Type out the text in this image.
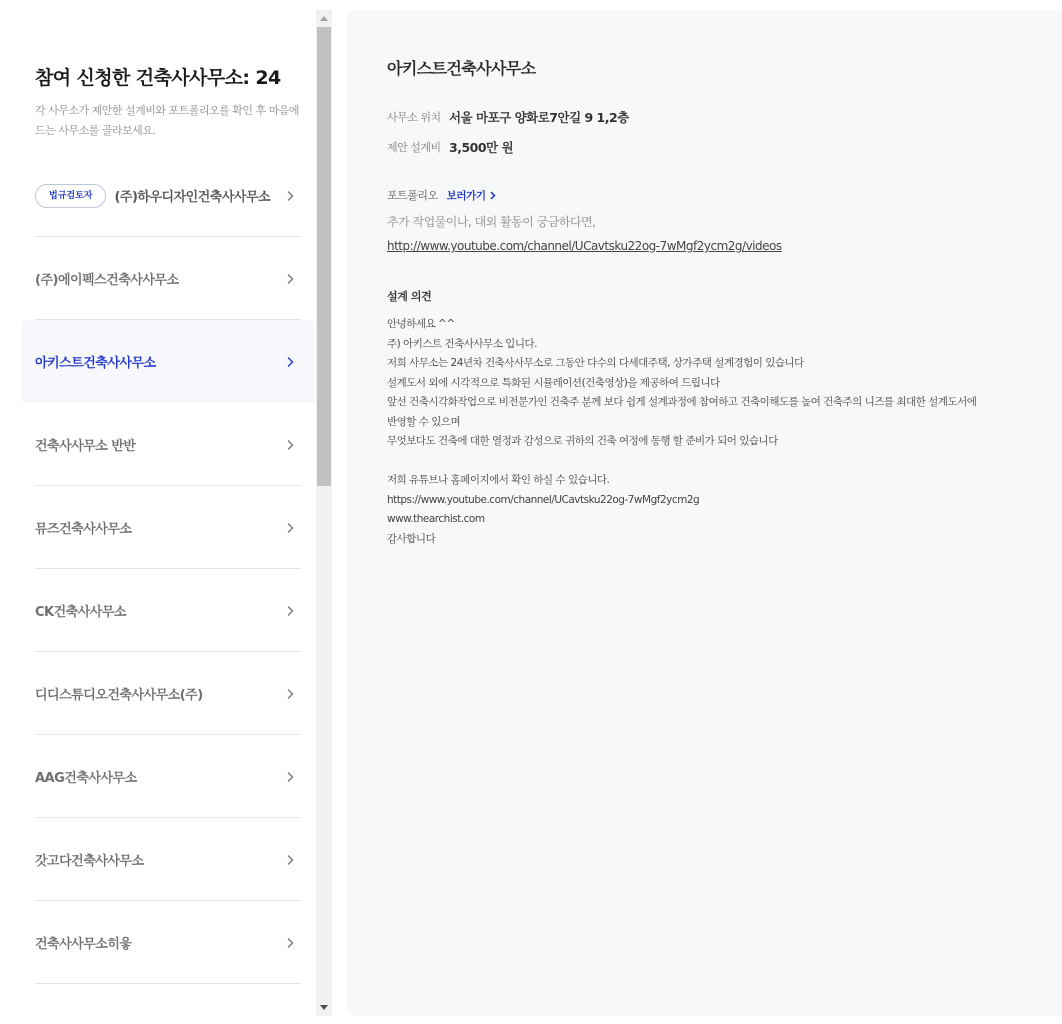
참여 신청한 건축사사무소: 24
각 사무소가 제안한 설계비와 포트폴리오를 확인 후 마음에 드는 사무소를 골라보세요.
법규검토자	(주)하우디자인건축사사무소
(주)에이펙스건축사사무소
아키스트건축사사무소
건축사사무소 반반
뮤즈건축사사무소
CK건축사사무소
디디스튜디오건축사사무소(주)
AAG건축사사무소
갓고다건축사사무소
건축사사무소히읗
아키스트건축사사무소
사무소 위치 서울 마포구 양화로7안길 9 1,2층
제안 설계비 3,500만 원
포트폴리오 보러가기
추가 작업물이나, 대외 활동이 궁금하다면,
http://www.youtube.com/channel/UCavtsku22og-7wMgf2ycm2g/videos
설계 의견
안녕하세요 ^^
주) 아키스트 건축사사무소 입니다.
저희 사무소는 24년차 건축사사무소로 그동안 다수의 다세대주택, 상가주택 설계경험이 있습니다
설계도서 외에 시각적으로 특화된 시뮬레이션(건축영상)을 제공하여 드립니다
앞선 건축시각화작업으로 비전문가인 건축주 분께 보다 쉽게 설계과정에 참여하고 건축이해도를 높여 건축주의 니즈를 최대한 설계도서에
반영할 수 있으며
무엇보다도 건축에 대한 열정과 감성으로 귀하의 건축 여정에 동행 할 준비가 되어 있습니다
저희 유튜브나 홈페이지에서 확인 하실 수 있습니다.
https://www.youtube.com/channel/UCavtsku22og-7wMgf2ycm2g
www.thearchist.com
감사합니다
